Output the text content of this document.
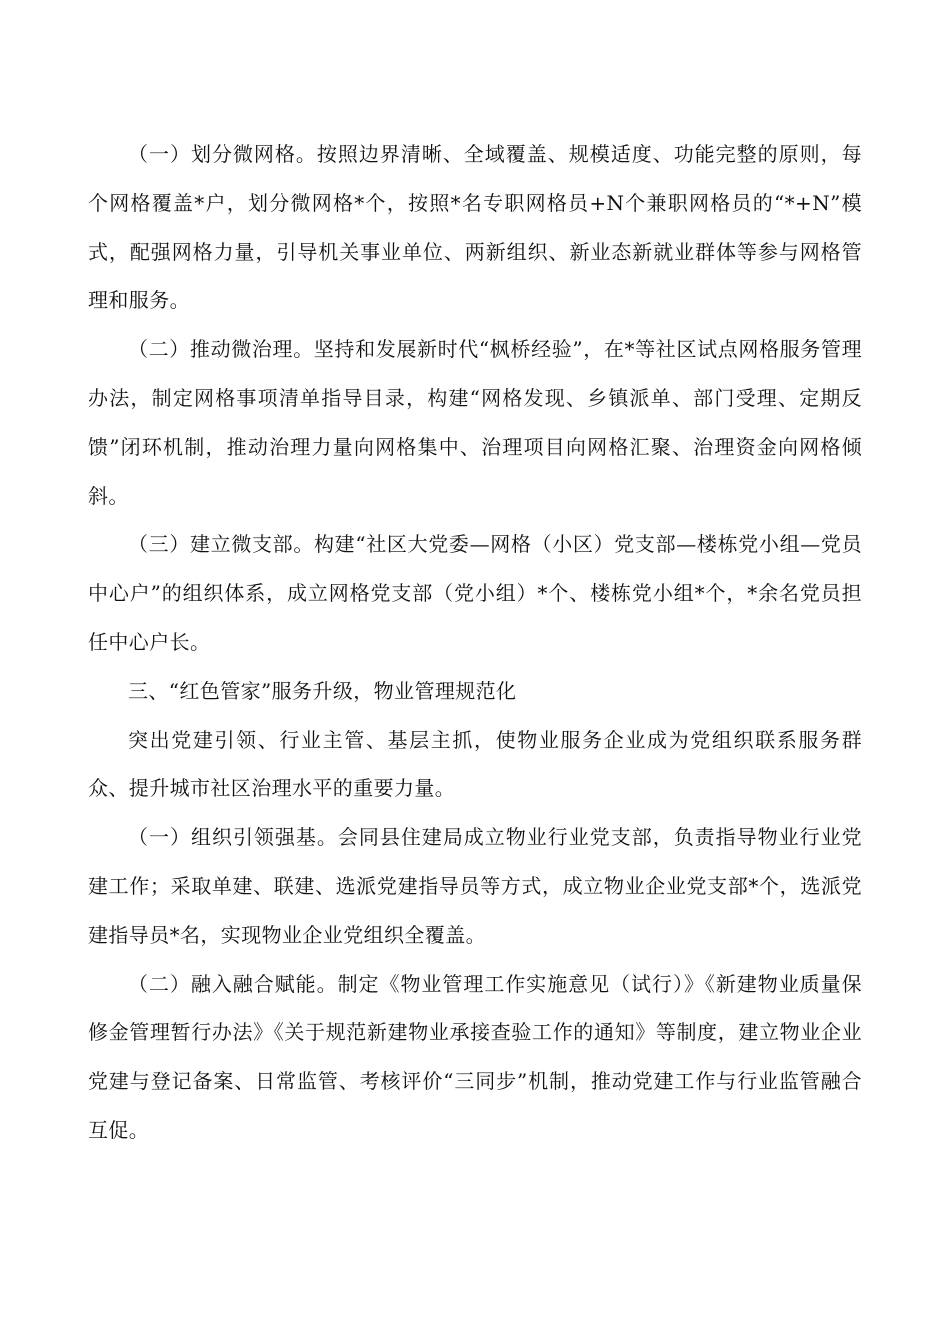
（一）划分微网格。按照边界清晰、全域覆盖、规模适度、功能完整的原则，每个网格覆盖*户，划分微网格*个，按照*名专职网格员+N个兼职网格员的“*+N”模式，配强网格力量，引导机关事业单位、两新组织、新业态新就业群体等参与网格管理和服务。

（二）推动微治理。坚持和发展新时代“枫桥经验”，在*等社区试点网格服务管理办法，制定网格事项清单指导目录，构建“网格发现、乡镇派单、部门受理、定期反馈”闭环机制，推动治理力量向网格集中、治理项目向网格汇聚、治理资金向网格倾斜。

（三）建立微支部。构建“社区大党委—网格（小区）党支部—楼栋党小组—党员中心户”的组织体系，成立网格党支部（党小组）*个、楼栋党小组*个，*余名党员担任中心户长。

三、“红色管家”服务升级，物业管理规范化

突出党建引领、行业主管、基层主抓，使物业服务企业成为党组织联系服务群众、提升城市社区治理水平的重要力量。

（一）组织引领强基。会同县住建局成立物业行业党支部，负责指导物业行业党建工作；采取单建、联建、选派党建指导员等方式，成立物业企业党支部*个，选派党建指导员*名，实现物业企业党组织全覆盖。

（二）融入融合赋能。制定《物业管理工作实施意见（试行）》《新建物业质量保修金管理暂行办法》《关于规范新建物业承接查验工作的通知》等制度，建立物业企业党建与登记备案、日常监管、考核评价“三同步”机制，推动党建工作与行业监管融合互促。
